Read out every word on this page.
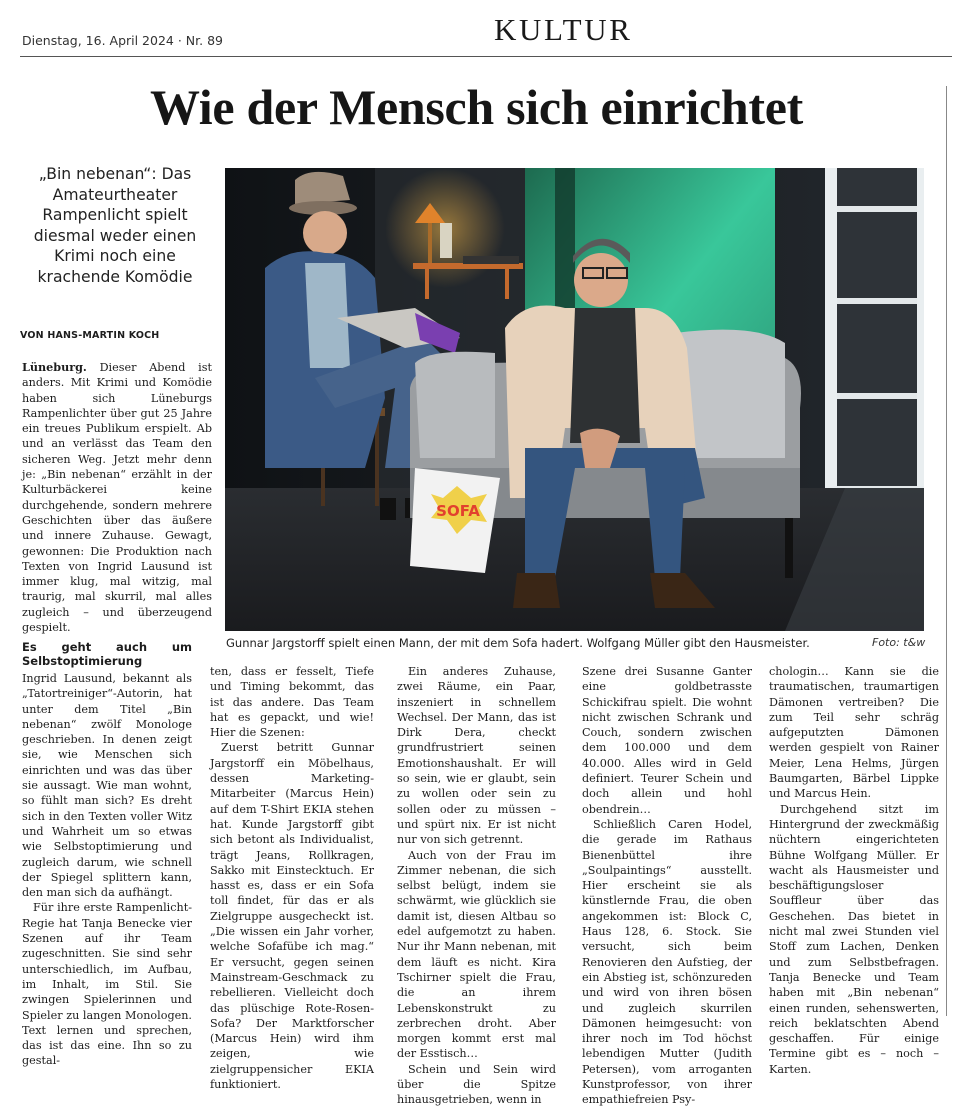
Dienstag, 16. April 2024 · Nr. 89	KULTUR
Wie der Mensch sich einrichtet
„Bin nebenan“: Das Amateurtheater Rampenlicht spielt diesmal weder einen Krimi noch eine krachende Komödie
VON HANS-MARTIN KOCH

Lüneburg. Dieser Abend ist anders. Mit Krimi und Komödie haben sich Lüneburgs Rampenlichter über gut 25 Jahre ein treues Publikum erspielt. Ab und an verlässt das Team den sicheren Weg. Jetzt mehr denn je: „Bin nebenan“ erzählt in der Kulturbäckerei keine durchgehende, sondern mehrere Geschichten über das äußere und innere Zuhause. Gewagt, gewonnen: Die Produktion nach Texten von Ingrid Lausund ist immer klug, mal witzig, mal traurig, mal skurril, mal alles zugleich – und überzeugend gespielt.

Es geht auch um Selbstoptimierung

Ingrid Lausund, bekannt als „Tatortreiniger“-Autorin, hat unter dem Titel „Bin nebenan“ zwölf Monologe geschrieben. In denen zeigt sie, wie Menschen sich einrichten und was das über sie aussagt. Wie man wohnt, so fühlt man sich? Es dreht sich in den Texten voller Witz und Wahrheit um so etwas wie Selbstoptimierung und zugleich darum, wie schnell der Spiegel splittern kann, den man sich da aufhängt.

Für ihre erste Rampenlicht-Regie hat Tanja Benecke vier Szenen auf ihr Team zugeschnitten. Sie sind sehr unterschiedlich, im Aufbau, im Inhalt, im Stil. Sie zwingen Spielerinnen und Spieler zu langen Monologen. Text lernen und sprechen, das ist das eine. Ihn so zu gestal-

SOFA
Gunnar Jargstorff spielt einen Mann, der mit dem Sofa hadert. Wolfgang Müller gibt den Hausmeister.	Foto: t&w

ten, dass er fesselt, Tiefe und Timing bekommt, das ist das andere. Das Team hat es gepackt, und wie! Hier die Szenen:

Zuerst betritt Gunnar Jargstorff ein Möbelhaus, dessen Marketing-Mitarbeiter (Marcus Hein) auf dem T-Shirt EKIA stehen hat. Kunde Jargstorff gibt sich betont als Individualist, trägt Jeans, Rollkragen, Sakko mit Einstecktuch. Er hasst es, dass er ein Sofa toll findet, für das er als Zielgruppe ausgecheckt ist. „Die wissen ein Jahr vorher, welche Sofafübe ich mag.“ Er versucht, gegen seinen Mainstream-Geschmack zu rebellieren. Vielleicht doch das plüschige Rote-Rosen-Sofa? Der Marktforscher (Marcus Hein) wird ihm zeigen, wie zielgruppensicher EKIA funktioniert.

Ein anderes Zuhause, zwei Räume, ein Paar, inszeniert in schnellem Wechsel. Der Mann, das ist Dirk Dera, checkt grundfrustriert seinen Emotionshaushalt. Er will so sein, wie er glaubt, sein zu wollen oder sein zu sollen oder zu müssen – und spürt nix. Er ist nicht nur von sich getrennt.

Auch von der Frau im Zimmer nebenan, die sich selbst belügt, indem sie schwärmt, wie glücklich sie damit ist, diesen Altbau so edel aufgemotzt zu haben. Nur ihr Mann nebenan, mit dem läuft es nicht. Kira Tschirner spielt die Frau, die an ihrem Lebenskonstrukt zu zerbrechen droht. Aber morgen kommt erst mal der Esstisch…

Schein und Sein wird über die Spitze hinausgetrieben, wenn in

Szene drei Susanne Ganter eine goldbetrasste Schickifrau spielt. Die wohnt nicht zwischen Schrank und Couch, sondern zwischen dem 100.000 und dem 40.000. Alles wird in Geld definiert. Teurer Schein und doch allein und hohl obendrein…

Schließlich Caren Hodel, die gerade im Rathaus Bienenbüttel ihre „Soulpaintings“ ausstellt. Hier erscheint sie als künstlernde Frau, die oben angekommen ist: Block C, Haus 128, 6. Stock. Sie versucht, sich beim Renovieren den Aufstieg, der ein Abstieg ist, schönzureden und wird von ihren bösen und zugleich skurrilen Dämonen heimgesucht: von ihrer noch im Tod höchst lebendigen Mutter (Judith Petersen), vom arroganten Kunstprofessor, von ihrer empathiefreien Psy-

chologin… Kann sie die traumatischen, traumartigen Dämonen vertreiben? Die zum Teil sehr schräg aufgeputzten Dämonen werden gespielt von Rainer Meier, Lena Helms, Jürgen Baumgarten, Bärbel Lippke und Marcus Hein.

Durchgehend sitzt im Hintergrund der zweckmäßig nüchtern eingerichteten Bühne Wolfgang Müller. Er wacht als Hausmeister und beschäftigungsloser Souffleur über das Geschehen. Das bietet in nicht mal zwei Stunden viel Stoff zum Lachen, Denken und zum Selbstbefragen. Tanja Benecke und Team haben mit „Bin nebenan“ einen runden, sehenswerten, reich beklatschten Abend geschaffen. Für einige Termine gibt es – noch – Karten.
